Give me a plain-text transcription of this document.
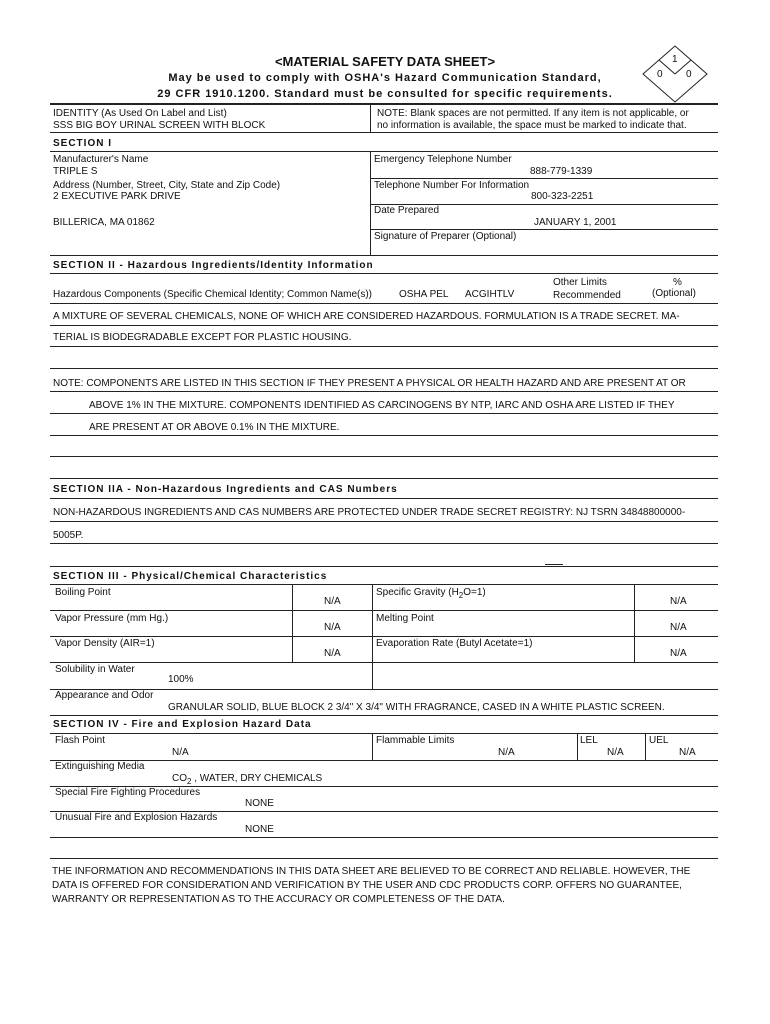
<MATERIAL SAFETY DATA SHEET>
May be used to comply with OSHA's Hazard Communication Standard,
29 CFR 1910.1200. Standard must be consulted for specific requirements.
1
0 0
IDENTITY (As Used On Label and List)
SSS BIG BOY URINAL SCREEN WITH BLOCK
NOTE: Blank spaces are not permitted. If any item is not applicable, or
no information is available, the space must be marked to indicate that.
SECTION I
Manufacturer's Name
TRIPLE S
Address (Number, Street, City, State and Zip Code)
2 EXECUTIVE PARK DRIVE
BILLERICA, MA 01862
Emergency Telephone Number
888-779-1339
Telephone Number For Information
800-323-2251
Date Prepared
JANUARY 1, 2001
Signature of Preparer (Optional)
SECTION II - Hazardous Ingredients/Identity Information
Hazardous Components (Specific Chemical Identity; Common Name(s))	OSHA PEL ACGIHTLV
Other Limits
Recommended
%
(Optional)
A MIXTURE OF SEVERAL CHEMICALS, NONE OF WHICH ARE CONSIDERED HAZARDOUS. FORMULATION IS A TRADE SECRET. MA-
TERIAL IS BIODEGRADABLE EXCEPT FOR PLASTIC HOUSING.
NOTE: COMPONENTS ARE LISTED IN THIS SECTION IF THEY PRESENT A PHYSICAL OR HEALTH HAZARD AND ARE PRESENT AT OR
ABOVE 1% IN THE MIXTURE. COMPONENTS IDENTIFIED AS CARCINOGENS BY NTP, IARC AND OSHA ARE LISTED IF THEY
ARE PRESENT AT OR ABOVE 0.1% IN THE MIXTURE.
SECTION IIA - Non-Hazardous Ingredients and CAS Numbers
NON-HAZARDOUS INGREDIENTS AND CAS NUMBERS ARE PROTECTED UNDER TRADE SECRET REGISTRY: NJ TSRN 34848800000-
5005P.
SECTION III - Physical/Chemical Characteristics
Boiling Point
N/A
Specific Gravity $(H_2O=1)$
N/A
Vapor Pressure (mm Hg.)
N/A
Melting Point
N/A
Vapor Density (AIR=1)
N/A
Evaporation Rate (Butyl Acetate=1)
N/A
Solubility in Water
100%
Appearance and Odor
GRANULAR SOLID, BLUE BLOCK 2 3/4" X 3/4" WITH FRAGRANCE, CASED IN A WHITE PLASTIC SCREEN.
SECTION IV - Fire and Explosion Hazard Data
Flash Point
N/A
Flammable Limits
N/A
LEL
N/A
UEL
N/A
Extinguishing Media
$CO_2$ , WATER, DRY CHEMICALS
Special Fire Fighting Procedures
NONE
Unusual Fire and Explosion Hazards
NONE
THE INFORMATION AND RECOMMENDATIONS IN THIS DATA SHEET ARE BELIEVED TO BE CORRECT AND RELIABLE. HOWEVER, THE
DATA IS OFFERED FOR CONSIDERATION AND VERIFICATION BY THE USER AND CDC PRODUCTS CORP. OFFERS NO GUARANTEE,
WARRANTY OR REPRESENTATION AS TO THE ACCURACY OR COMPLETENESS OF THE DATA.
